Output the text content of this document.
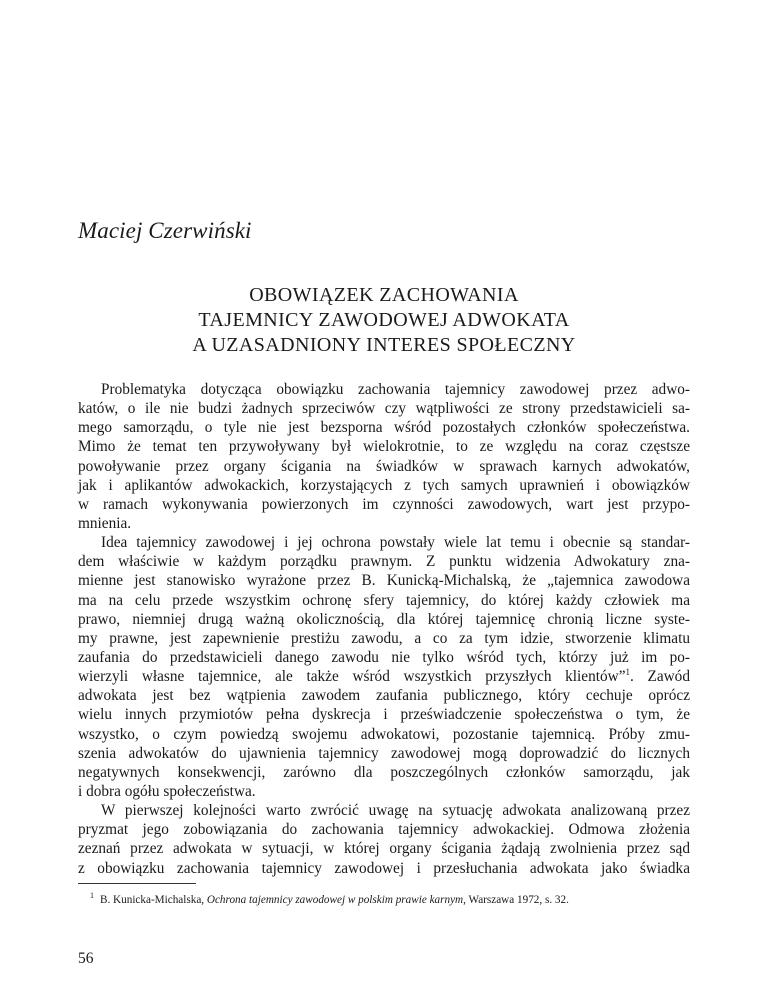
Maciej Czerwiński
OBOWIĄZEK ZACHOWANIA
TAJEMNICY ZAWODOWEJ ADWOKATA
A UZASADNIONY INTERES SPOŁECZNY
Problematyka dotycząca obowiązku zachowania tajemnicy zawodowej przez adwo-
katów, o ile nie budzi żadnych sprzeciwów czy wątpliwości ze strony przedstawicieli sa-
mego samorządu, o tyle nie jest bezsporna wśród pozostałych członków społeczeństwa.
Mimo że temat ten przywoływany był wielokrotnie, to ze względu na coraz częstsze
powoływanie przez organy ścigania na świadków w sprawach karnych adwokatów,
jak i aplikantów adwokackich, korzystających z tych samych uprawnień i obowiązków
w ramach wykonywania powierzonych im czynności zawodowych, wart jest przypo-
mnienia.
Idea tajemnicy zawodowej i jej ochrona powstały wiele lat temu i obecnie są standar-
dem właściwie w każdym porządku prawnym. Z punktu widzenia Adwokatury zna-
mienne jest stanowisko wyrażone przez B. Kunicką-Michalską, że „tajemnica zawodowa
ma na celu przede wszystkim ochronę sfery tajemnicy, do której każdy człowiek ma
prawo, niemniej drugą ważną okolicznością, dla której tajemnicę chronią liczne syste-
my prawne, jest zapewnienie prestiżu zawodu, a co za tym idzie, stworzenie klimatu
zaufania do przedstawicieli danego zawodu nie tylko wśród tych, którzy już im po-
wierzyli własne tajemnice, ale także wśród wszystkich przyszłych klientów”$^1$. Zawód
adwokata jest bez wątpienia zawodem zaufania publicznego, który cechuje oprócz
wielu innych przymiotów pełna dyskrecja i przeświadczenie społeczeństwa o tym, że
wszystko, o czym powiedzą swojemu adwokatowi, pozostanie tajemnicą. Próby zmu-
szenia adwokatów do ujawnienia tajemnicy zawodowej mogą doprowadzić do licznych
negatywnych konsekwencji, zarówno dla poszczególnych członków samorządu, jak
i dobra ogółu społeczeństwa.
W pierwszej kolejności warto zwrócić uwagę na sytuację adwokata analizowaną przez
pryzmat jego zobowiązania do zachowania tajemnicy adwokackiej. Odmowa złożenia
zeznań przez adwokata w sytuacji, w której organy ścigania żądają zwolnienia przez sąd
z obowiązku zachowania tajemnicy zawodowej i przesłuchania adwokata jako świadka
$^1$ B. Kunicka-Michalska, Ochrona tajemnicy zawodowej w polskim prawie karnym, Warszawa 1972, s. 32.
56
